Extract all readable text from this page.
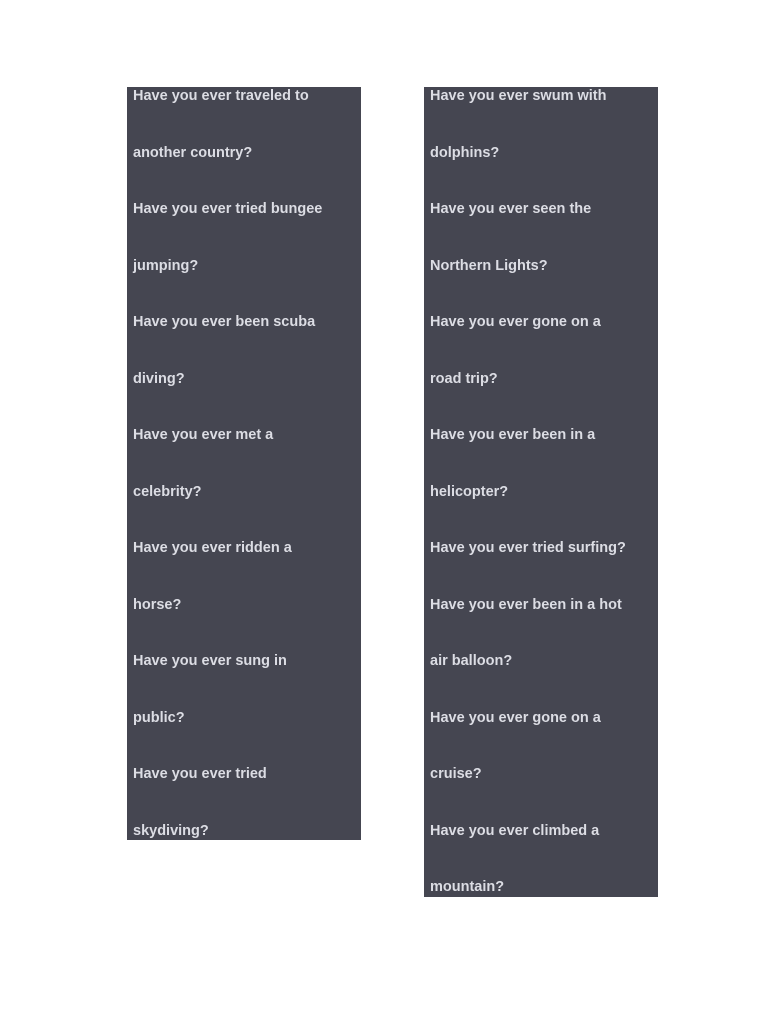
Have you ever traveled to
another country?
Have you ever tried bungee
jumping?
Have you ever been scuba
diving?
Have you ever met a
celebrity?
Have you ever ridden a
horse?
Have you ever sung in
public?
Have you ever tried
skydiving?
Have you ever swum with
dolphins?
Have you ever seen the
Northern Lights?
Have you ever gone on a
road trip?
Have you ever been in a
helicopter?
Have you ever tried surfing?
Have you ever been in a hot
air balloon?
Have you ever gone on a
cruise?
Have you ever climbed a
mountain?
